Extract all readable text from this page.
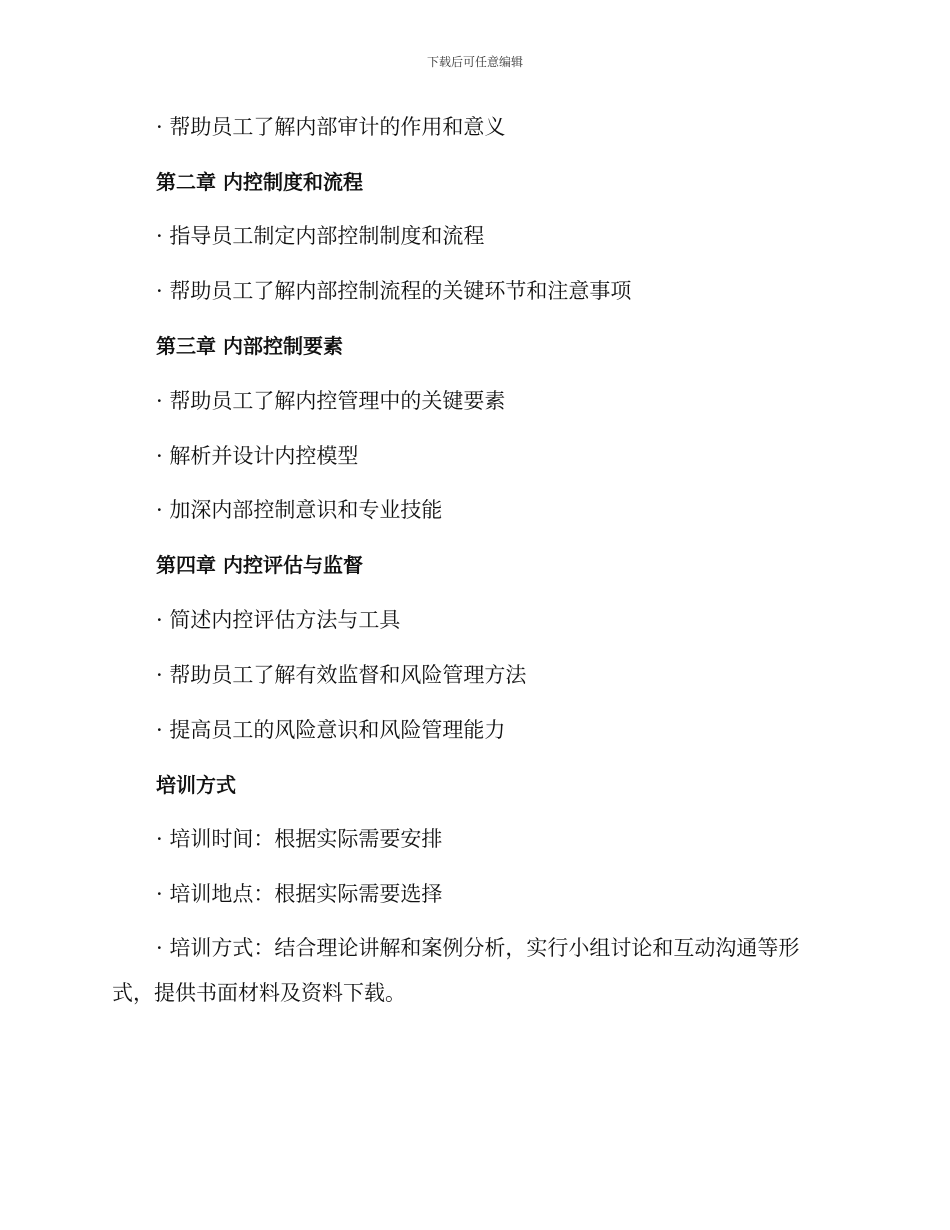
下载后可任意编辑
· 帮助员工了解内部审计的作用和意义
第二章 内控制度和流程
· 指导员工制定内部控制制度和流程
· 帮助员工了解内部控制流程的关键环节和注意事项
第三章 内部控制要素
· 帮助员工了解内控管理中的关键要素
· 解析并设计内控模型
· 加深内部控制意识和专业技能
第四章 内控评估与监督
· 简述内控评估方法与工具
· 帮助员工了解有效监督和风险管理方法
· 提高员工的风险意识和风险管理能力
培训方式
· 培训时间：根据实际需要安排
· 培训地点：根据实际需要选择
· 培训方式：结合理论讲解和案例分析，实行小组讨论和互动沟通等形式，提供书面材料及资料下载。
